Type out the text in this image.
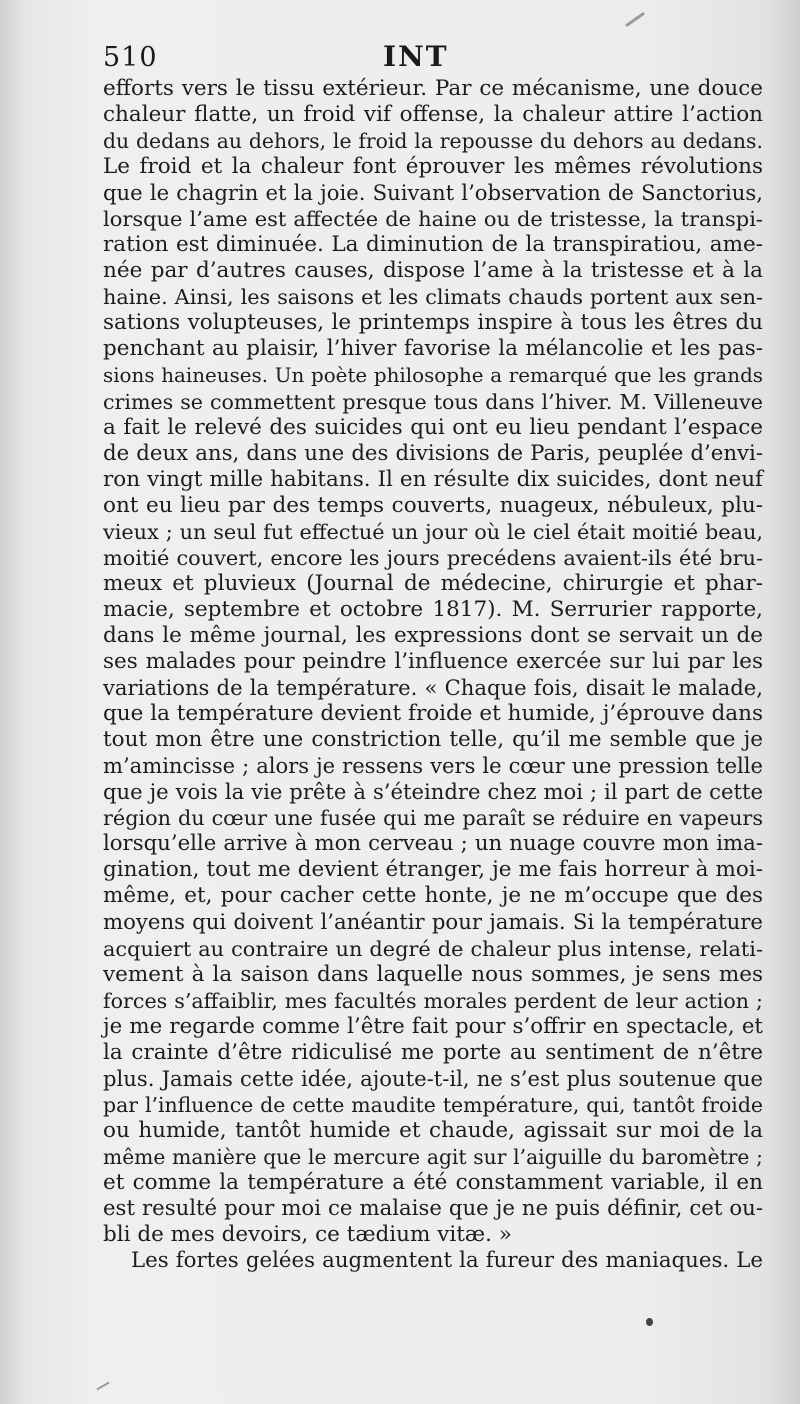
510	INT
efforts vers le tissu extérieur. Par ce mécanisme, une douce
chaleur flatte, un froid vif offense, la chaleur attire l’action
du dedans au dehors, le froid la repousse du dehors au dedans.
Le froid et la chaleur font éprouver les mêmes révolutions
que le chagrin et la joie. Suivant l’observation de Sanctorius,
lorsque l’ame est affectée de haine ou de tristesse, la transpi-
ration est diminuée. La diminution de la transpiratiou, ame-
née par d’autres causes, dispose l’ame à la tristesse et à la
haine. Ainsi, les saisons et les climats chauds portent aux sen-
sations volupteuses, le printemps inspire à tous les êtres du
penchant au plaisir, l’hiver favorise la mélancolie et les pas-
sions haineuses. Un poète philosophe a remarqué que les grands
crimes se commettent presque tous dans l’hiver. M. Villeneuve
a fait le relevé des suicides qui ont eu lieu pendant l’espace
de deux ans, dans une des divisions de Paris, peuplée d’envi-
ron vingt mille habitans. Il en résulte dix suicides, dont neuf
ont eu lieu par des temps couverts, nuageux, nébuleux, plu-
vieux ; un seul fut effectué un jour où le ciel était moitié beau,
moitié couvert, encore les jours precédens avaient-ils été bru-
meux et pluvieux (Journal de médecine, chirurgie et phar-
macie, septembre et octobre 1817). M. Serrurier rapporte,
dans le même journal, les expressions dont se servait un de
ses malades pour peindre l’influence exercée sur lui par les
variations de la température. « Chaque fois, disait le malade,
que la température devient froide et humide, j’éprouve dans
tout mon être une constriction telle, qu’il me semble que je
m’amincisse ; alors je ressens vers le cœur une pression telle
que je vois la vie prête à s’éteindre chez moi ; il part de cette
région du cœur une fusée qui me paraît se réduire en vapeurs
lorsqu’elle arrive à mon cerveau ; un nuage couvre mon ima-
gination, tout me devient étranger, je me fais horreur à moi-
même, et, pour cacher cette honte, je ne m’occupe que des
moyens qui doivent l’anéantir pour jamais. Si la température
acquiert au contraire un degré de chaleur plus intense, relati-
vement à la saison dans laquelle nous sommes, je sens mes
forces s’affaiblir, mes facultés morales perdent de leur action ;
je me regarde comme l’être fait pour s’offrir en spectacle, et
la crainte d’être ridiculisé me porte au sentiment de n’être
plus. Jamais cette idée, ajoute-t-il, ne s’est plus soutenue que
par l’influence de cette maudite température, qui, tantôt froide
ou humide, tantôt humide et chaude, agissait sur moi de la
même manière que le mercure agit sur l’aiguille du baromètre ;
et comme la température a été constamment variable, il en
est resulté pour moi ce malaise que je ne puis définir, cet ou-
bli de mes devoirs, ce tædium vitæ. »
Les fortes gelées augmentent la fureur des maniaques. Le
